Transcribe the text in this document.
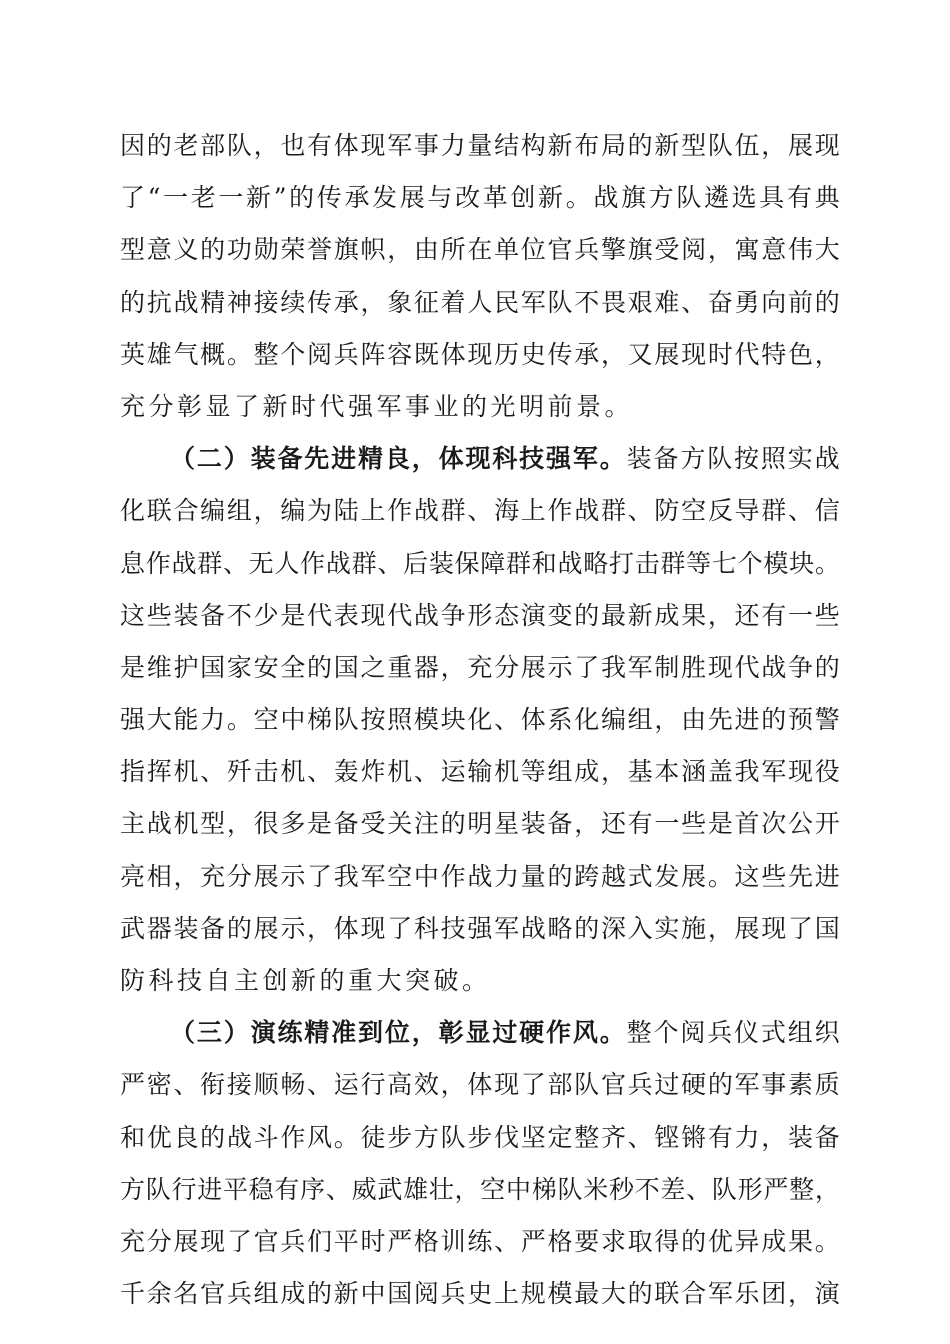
因 的 老 部 队 ， 也 有 体 现 军 事 力 量 结 构 新 布 局 的 新 型 队 伍 ， 展 现
了 “ 一 老 一 新 ” 的 传 承 发 展 与 改 革 创 新 。 战 旗 方 队 遴 选 具 有 典
型 意 义 的 功 勋 荣 誉 旗 帜 ， 由 所 在 单 位 官 兵 擎 旗 受 阅 ， 寓 意 伟 大
的 抗 战 精 神 接 续 传 承 ， 象 征 着 人 民 军 队 不 畏 艰 难 、 奋 勇 向 前 的
英 雄 气 概 。 整 个 阅 兵 阵 容 既 体 现 历 史 传 承 ， 又 展 现 时 代 特 色 ，
充分彰显了新时代强军事业的光明前景。
（ 二 ） 装 备 先 进 精 良 ， 体 现 科 技 强 军 。 装 备 方 队 按 照 实 战
化 联 合 编 组 ， 编 为 陆 上 作 战 群 、 海 上 作 战 群 、 防 空 反 导 群 、 信
息 作 战 群 、 无 人 作 战 群 、 后 装 保 障 群 和 战 略 打 击 群 等 七 个 模 块 。
这 些 装 备 不 少 是 代 表 现 代 战 争 形 态 演 变 的 最 新 成 果 ， 还 有 一 些
是 维 护 国 家 安 全 的 国 之 重 器 ， 充 分 展 示 了 我 军 制 胜 现 代 战 争 的
强 大 能 力 。 空 中 梯 队 按 照 模 块 化 、 体 系 化 编 组 ， 由 先 进 的 预 警
指 挥 机 、 歼 击 机 、 轰 炸 机 、 运 输 机 等 组 成 ， 基 本 涵 盖 我 军 现 役
主 战 机 型 ， 很 多 是 备 受 关 注 的 明 星 装 备 ， 还 有 一 些 是 首 次 公 开
亮 相 ， 充 分 展 示 了 我 军 空 中 作 战 力 量 的 跨 越 式 发 展 。 这 些 先 进
武 器 装 备 的 展 示 ， 体 现 了 科 技 强 军 战 略 的 深 入 实 施 ， 展 现 了 国
防科技自主创新的重大突破。
（ 三 ） 演 练 精 准 到 位 ， 彰 显 过 硬 作 风 。 整 个 阅 兵 仪 式 组 织
严 密 、 衔 接 顺 畅 、 运 行 高 效 ， 体 现 了 部 队 官 兵 过 硬 的 军 事 素 质
和 优 良 的 战 斗 作 风 。 徒 步 方 队 步 伐 坚 定 整 齐 、 铿 锵 有 力 ， 装 备
方 队 行 进 平 稳 有 序 、 威 武 雄 壮 ， 空 中 梯 队 米 秒 不 差 、 队 形 严 整 ，
充 分 展 现 了 官 兵 们 平 时 严 格 训 练 、 严 格 要 求 取 得 的 优 异 成 果 。
千 余 名 官 兵 组 成 的 新 中 国 阅 兵 史 上 规 模 最 大 的 联 合 军 乐 团 ， 演
